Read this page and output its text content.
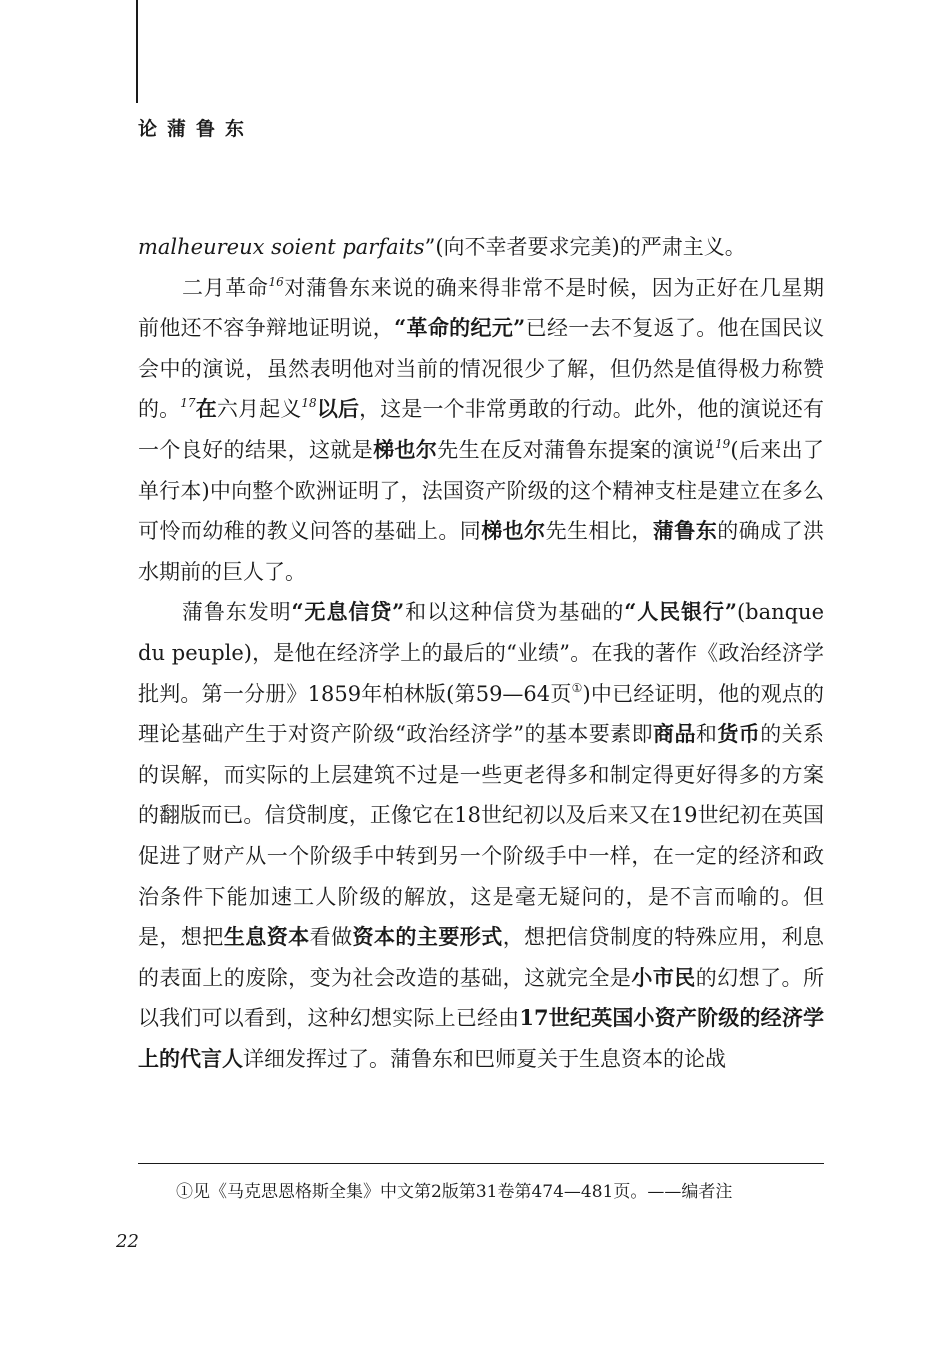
论蒲鲁东

malheureux soient parfaits”(向不幸者要求完美)的严肃主义。

二月革命$^{16}$对蒲鲁东来说的确来得非常不是时候，因为正好在几星期前他还不容争辩地证明说，“革命的纪元”已经一去不复返了。他在国民议会中的演说，虽然表明他对当前的情况很少了解，但仍然是值得极力称赞的。$^{17}$在六月起义$^{18}$以后，这是一个非常勇敢的行动。此外，他的演说还有一个良好的结果，这就是梯也尔先生在反对蒲鲁东提案的演说$^{19}$(后来出了单行本)中向整个欧洲证明了，法国资产阶级的这个精神支柱是建立在多么可怜而幼稚的教义问答的基础上。同梯也尔先生相比，蒲鲁东的确成了洪水期前的巨人了。

蒲鲁东发明“无息信贷”和以这种信贷为基础的“人民银行”(banque du peuple)，是他在经济学上的最后的“业绩”。在我的著作《政治经济学批判。第一分册》1859年柏林版(第59—64页①)中已经证明，他的观点的理论基础产生于对资产阶级“政治经济学”的基本要素即商品和货币的关系的误解，而实际的上层建筑不过是一些更老得多和制定得更好得多的方案的翻版而已。信贷制度，正像它在18世纪初以及后来又在19世纪初在英国促进了财产从一个阶级手中转到另一个阶级手中一样，在一定的经济和政治条件下能加速工人阶级的解放，这是毫无疑问的，是不言而喻的。但是，想把生息资本看做资本的主要形式，想把信贷制度的特殊应用，利息的表面上的废除，变为社会改造的基础，这就完全是小市民的幻想了。所以我们可以看到，这种幻想实际上已经由17世纪英国小资产阶级的经济学上的代言人详细发挥过了。蒲鲁东和巴师夏关于生息资本的论战

①见《马克思恩格斯全集》中文第2版第31卷第474—481页。——编者注
22
